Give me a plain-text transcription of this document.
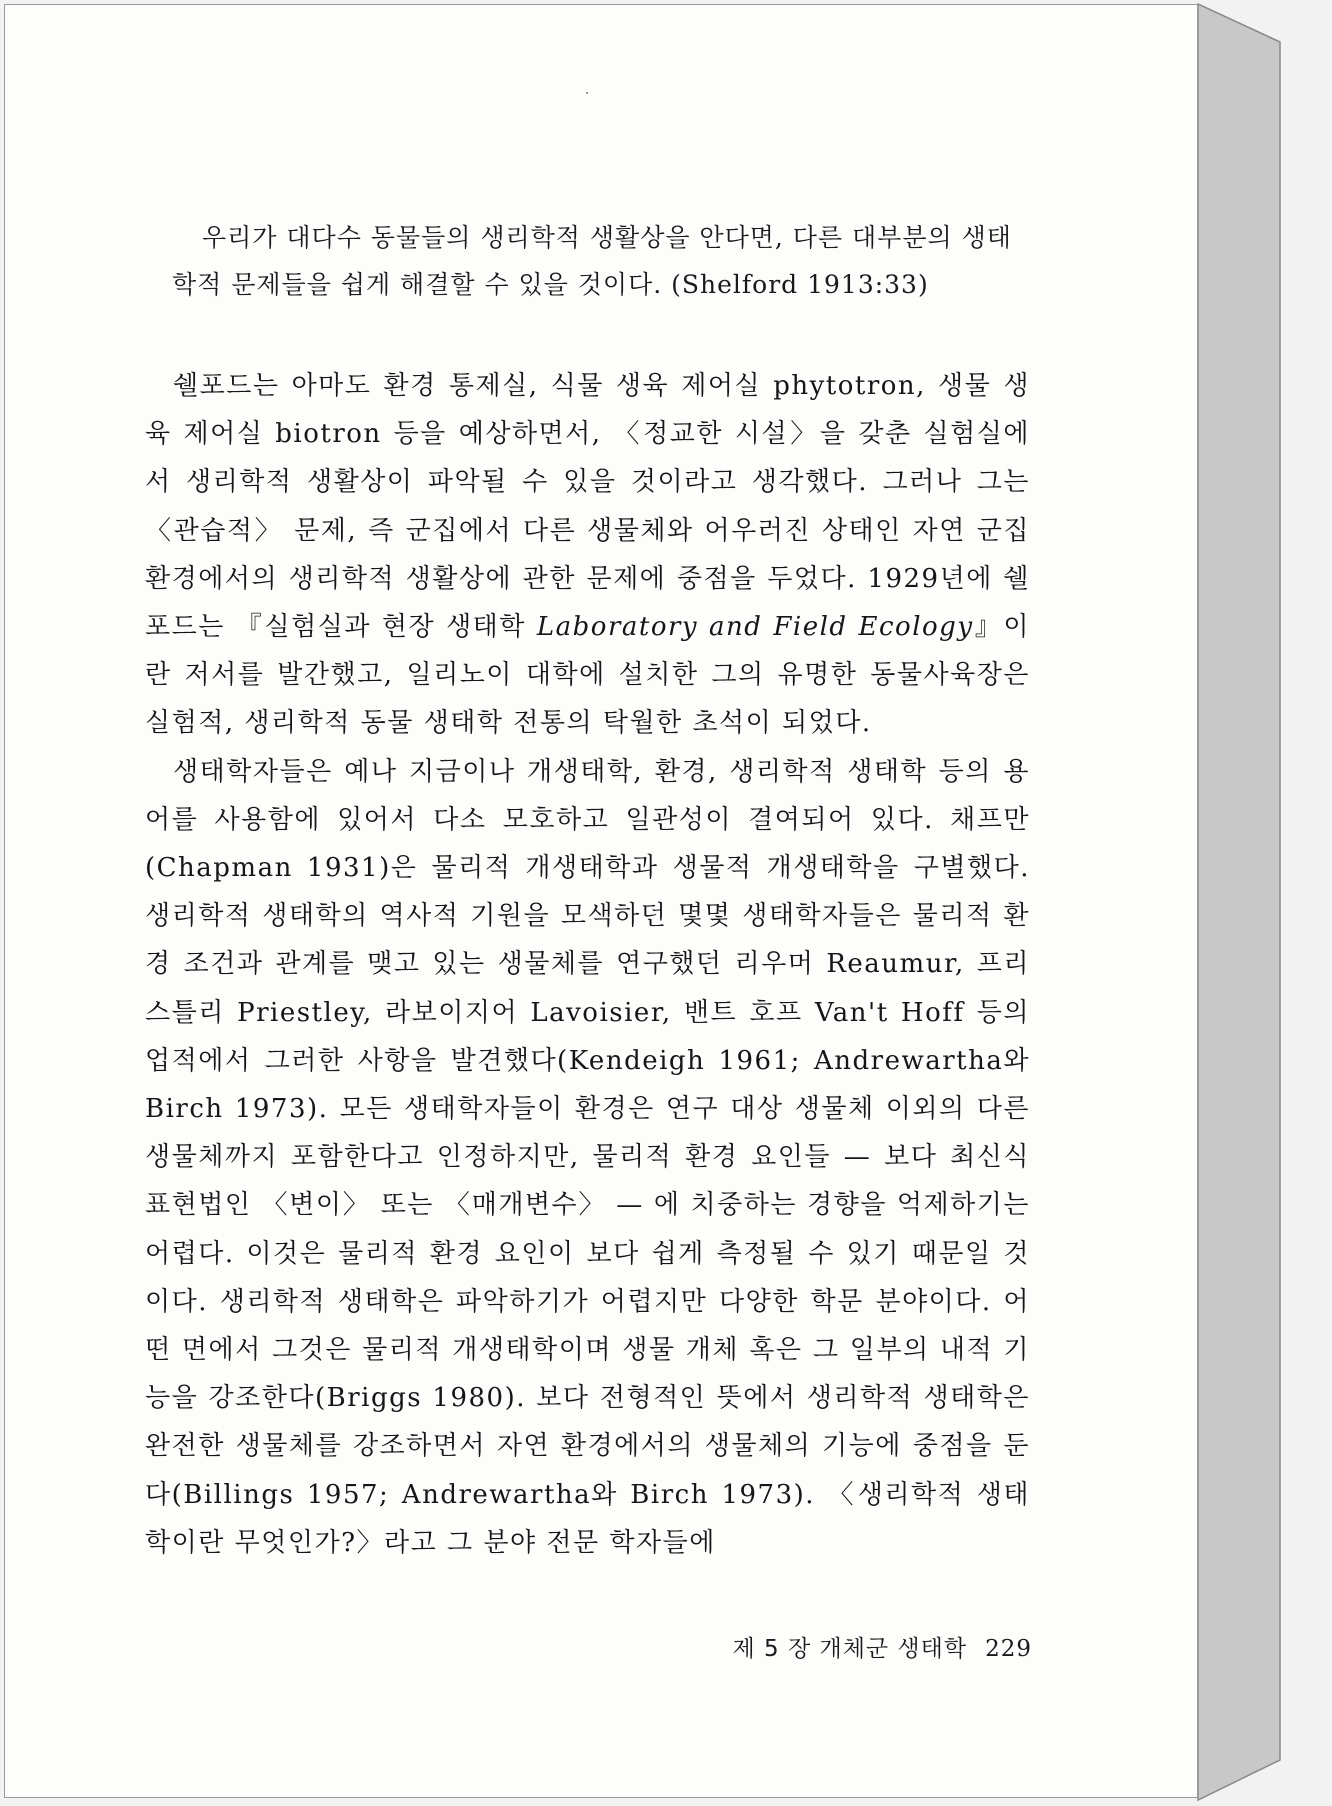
우리가 대다수 동물들의 생리학적 생활상을 안다면, 다른 대부분의 생태

학적 문제들을 쉽게 해결할 수 있을 것이다. (Shelford 1913:33)

쉘포드는 아마도 환경 통제실, 식물 생육 제어실 phytotron, 생물 생육 제어실 biotron 등을 예상하면서, 〈정교한 시설〉을 갖춘 실험실에서 생리학적 생활상이 파악될 수 있을 것이라고 생각했다. 그러나 그는 〈관습적〉 문제, 즉 군집에서 다른 생물체와 어우러진 상태인 자연 군집 환경에서의 생리학적 생활상에 관한 문제에 중점을 두었다. 1929년에 쉘포드는 『실험실과 현장 생태학 Laboratory and Field Ecology』이란 저서를 발간했고, 일리노이 대학에 설치한 그의 유명한 동물사육장은 실험적, 생리학적 동물 생태학 전통의 탁월한 초석이 되었다.

생태학자들은 예나 지금이나 개생태학, 환경, 생리학적 생태학 등의 용어를 사용함에 있어서 다소 모호하고 일관성이 결여되어 있다. 채프만(Chapman 1931)은 물리적 개생태학과 생물적 개생태학을 구별했다. 생리학적 생태학의 역사적 기원을 모색하던 몇몇 생태학자들은 물리적 환경 조건과 관계를 맺고 있는 생물체를 연구했던 리우머 Reaumur, 프리스틀리 Priestley, 라보이지어 Lavoisier, 밴트 호프 Van't Hoff 등의 업적에서 그러한 사항을 발견했다(Kendeigh 1961; Andrewartha와 Birch 1973). 모든 생태학자들이 환경은 연구 대상 생물체 이외의 다른 생물체까지 포함한다고 인정하지만, 물리적 환경 요인들 — 보다 최신식 표현법인 〈변이〉 또는 〈매개변수〉 — 에 치중하는 경향을 억제하기는 어렵다. 이것은 물리적 환경 요인이 보다 쉽게 측정될 수 있기 때문일 것이다. 생리학적 생태학은 파악하기가 어렵지만 다양한 학문 분야이다. 어떤 면에서 그것은 물리적 개생태학이며 생물 개체 혹은 그 일부의 내적 기능을 강조한다(Briggs 1980). 보다 전형적인 뜻에서 생리학적 생태학은 완전한 생물체를 강조하면서 자연 환경에서의 생물체의 기능에 중점을 둔다(Billings 1957; Andrewartha와 Birch 1973). 〈생리학적 생태학이란 무엇인가?〉라고 그 분야 전문 학자들에

제 5 장 개체군 생태학 229
